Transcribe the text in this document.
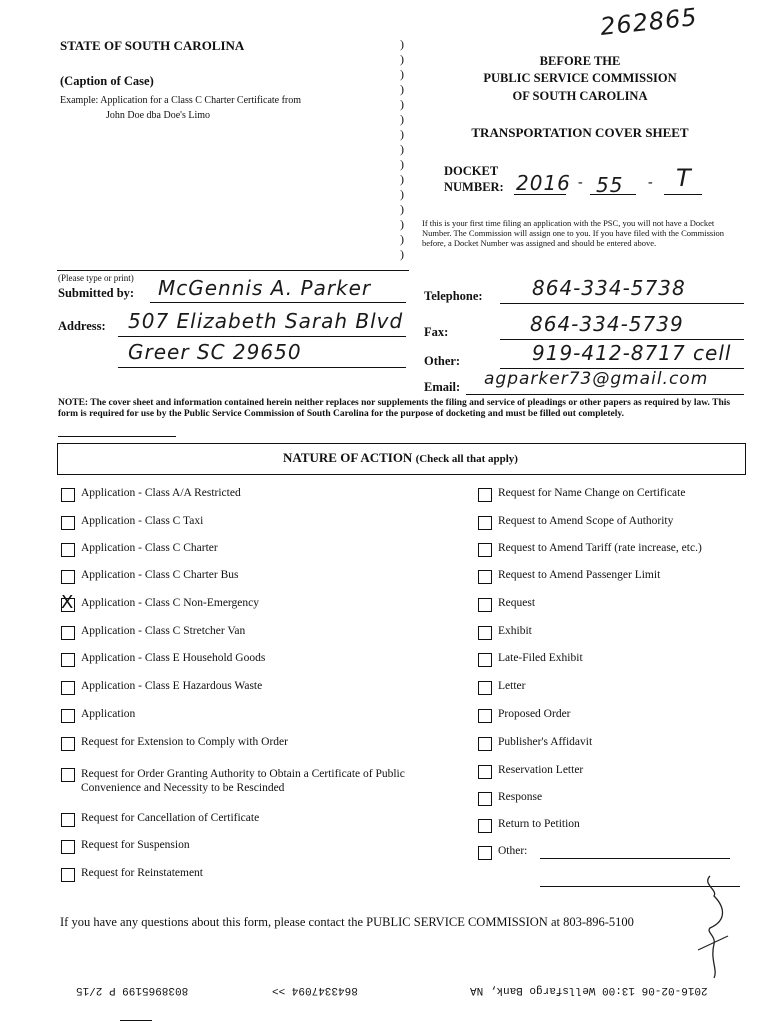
262865
STATE OF SOUTH CAROLINA
(Caption of Case)
Example: Application for a Class C Charter Certificate from
John Doe dba Doe's Limo
)
)
)
)
)
)
)
)
)
)
)
)
)
)
)
BEFORE THE
PUBLIC SERVICE COMMISSION
OF SOUTH CAROLINA
TRANSPORTATION COVER SHEET
DOCKET
NUMBER: 2016 - 55 - T
If this is your first time filing an application with the PSC, you will not have a Docket Number. The Commission will assign one to you. If you have filed with the Commission before, a Docket Number was assigned and should be entered above.
(Please type or print)
Submitted by: McGennis A. Parker
Address: 507 Elizabeth Sarah Blvd
Greer SC 29650
Telephone: 864-334-5738
Fax:	864-334-5739
Other:	919-412-8717 cell
Email: agparker73@gmail.com
NOTE: The cover sheet and information contained herein neither replaces nor supplements the filing and service of pleadings or other papers as required by law. This form is required for use by the Public Service Commission of South Carolina for the purpose of docketing and must be filled out completely.
NATURE OF ACTION (Check all that apply)
Application - Class A/A Restricted
Application - Class C Taxi
Application - Class C Charter
Application - Class C Charter Bus
X Application - Class C Non-Emergency
Application - Class C Stretcher Van
Application - Class E Household Goods
Application - Class E Hazardous Waste
Application
Request for Extension to Comply with Order
Request for Order Granting Authority to Obtain a Certificate of Public Convenience and Necessity to be Rescinded
Request for Cancellation of Certificate
Request for Suspension
Request for Reinstatement
Request for Name Change on Certificate
Request to Amend Scope of Authority
Request to Amend Tariff (rate increase, etc.)
Request to Amend Passenger Limit
Request
Exhibit
Late-Filed Exhibit
Letter
Proposed Order
Publisher's Affidavit
Reservation Letter
Response
Return to Petition
Other:
If you have any questions about this form, please contact the PUBLIC SERVICE COMMISSION at 803-896-5100
2016-02-06 13:00 Wellsfargo Bank, NA
8643347094 >>
8038965199 P 2/15
